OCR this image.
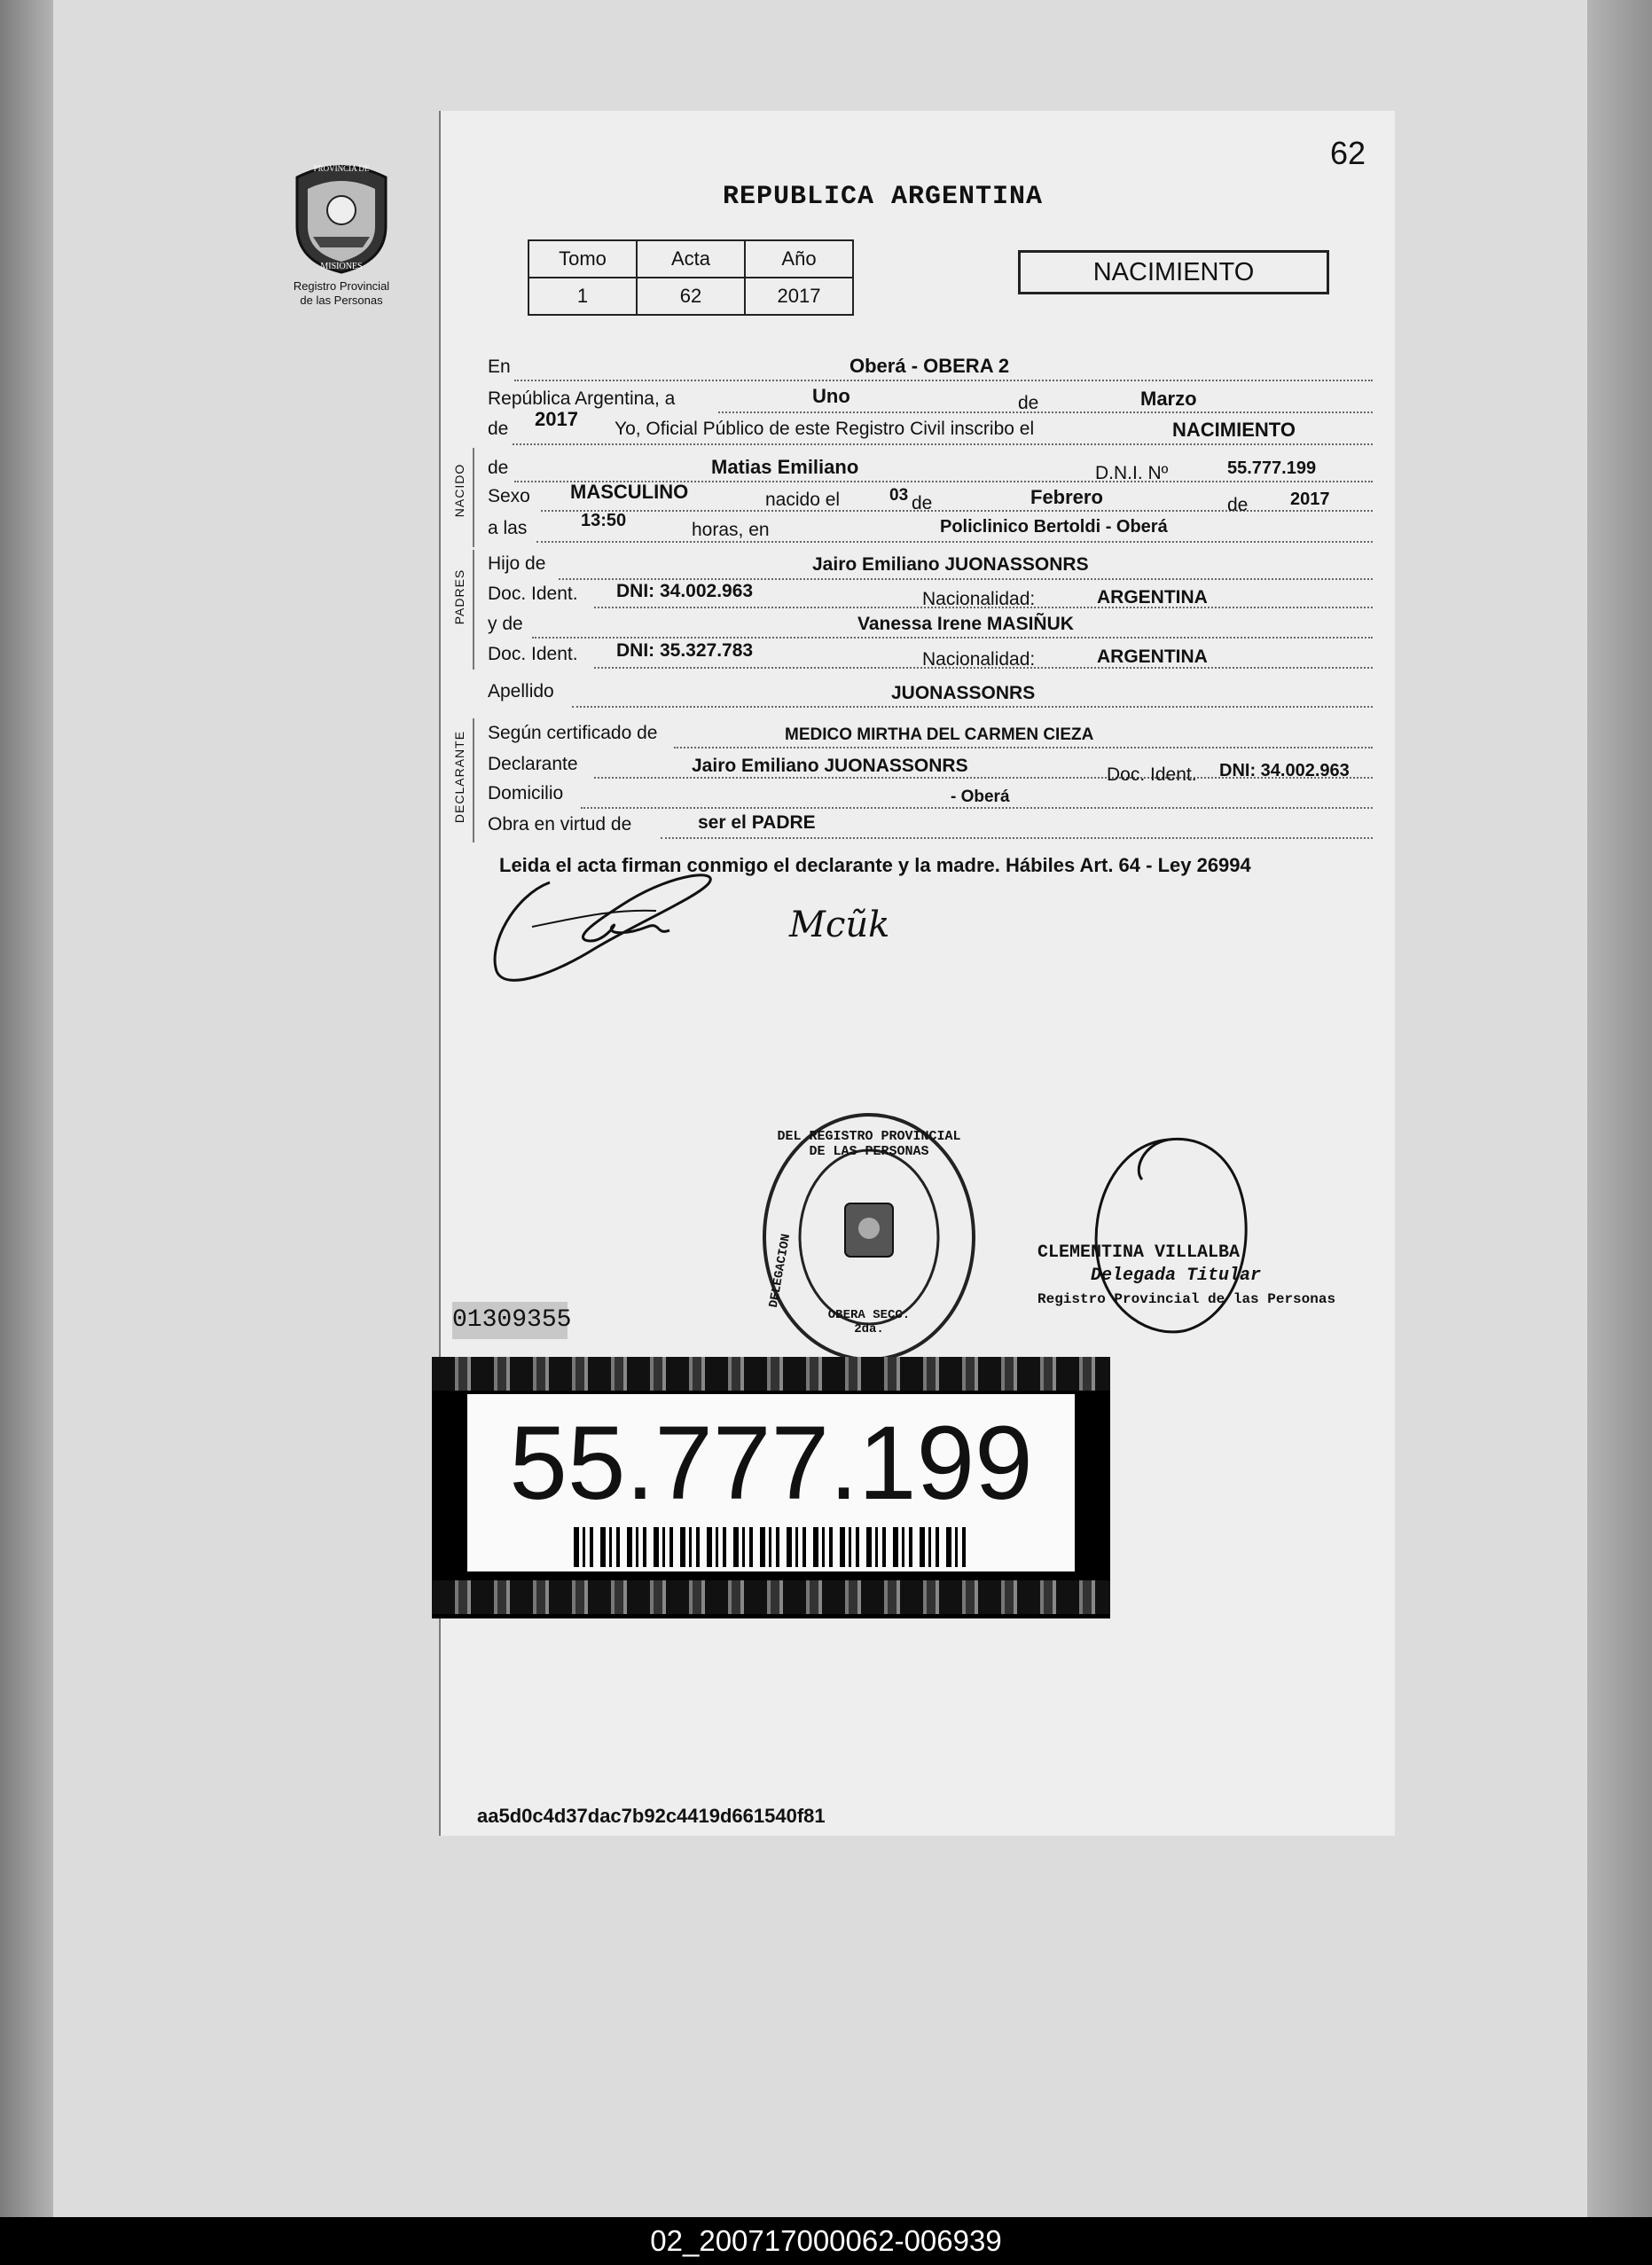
PROVINCIA DE
MISIONES
Registro Provincial
de las Personas
62
REPUBLICA ARGENTINA
Tomo	Acta	Año
1	62	2017
NACIMIENTO
En	Oberá - OBERA 2
República Argentina, a	Uno	de	Marzo
de 2017 Yo, Oficial Público de este Registro Civil inscribo el	NACIMIENTO
NACIDO de	Matias Emiliano	D.N.I. Nº	55.777.199
Sexo MASCULINO	nacido el	03 de	Febrero	de 2017
a las	13:50	horas, en	Policlinico Bertoldi - Oberá
PADRES
Hijo de	Jairo Emiliano JUONASSONRS
Doc. Ident. DNI: 34.002.963	Nacionalidad:	ARGENTINA
y de	Vanessa Irene MASIÑUK
Doc. Ident. DNI: 35.327.783	Nacionalidad:	ARGENTINA
Apellido	JUONASSONRS
DECLARANTE Según certificado de	MEDICO MIRTHA DEL CARMEN CIEZA
Declarante	Jairo Emiliano JUONASSONRS	Doc. Ident. DNI: 34.002.963
Domicilio	- Oberá
Obra en virtud de	ser el PADRE
Leida el acta firman conmigo el declarante y la madre. Hábiles Art. 64 - Ley 26994
Mcũk
DEL REGISTRO PROVINCIAL DE LAS PERSONAS
DELEGACION
OBERA SECC. 2da.
CLEMENTINA VILLALBA
Delegada Titular
Registro Provincial de las Personas
01309355
55.777.199
aa5d0c4d37dac7b92c4419d661540f81
02_200717000062-006939
